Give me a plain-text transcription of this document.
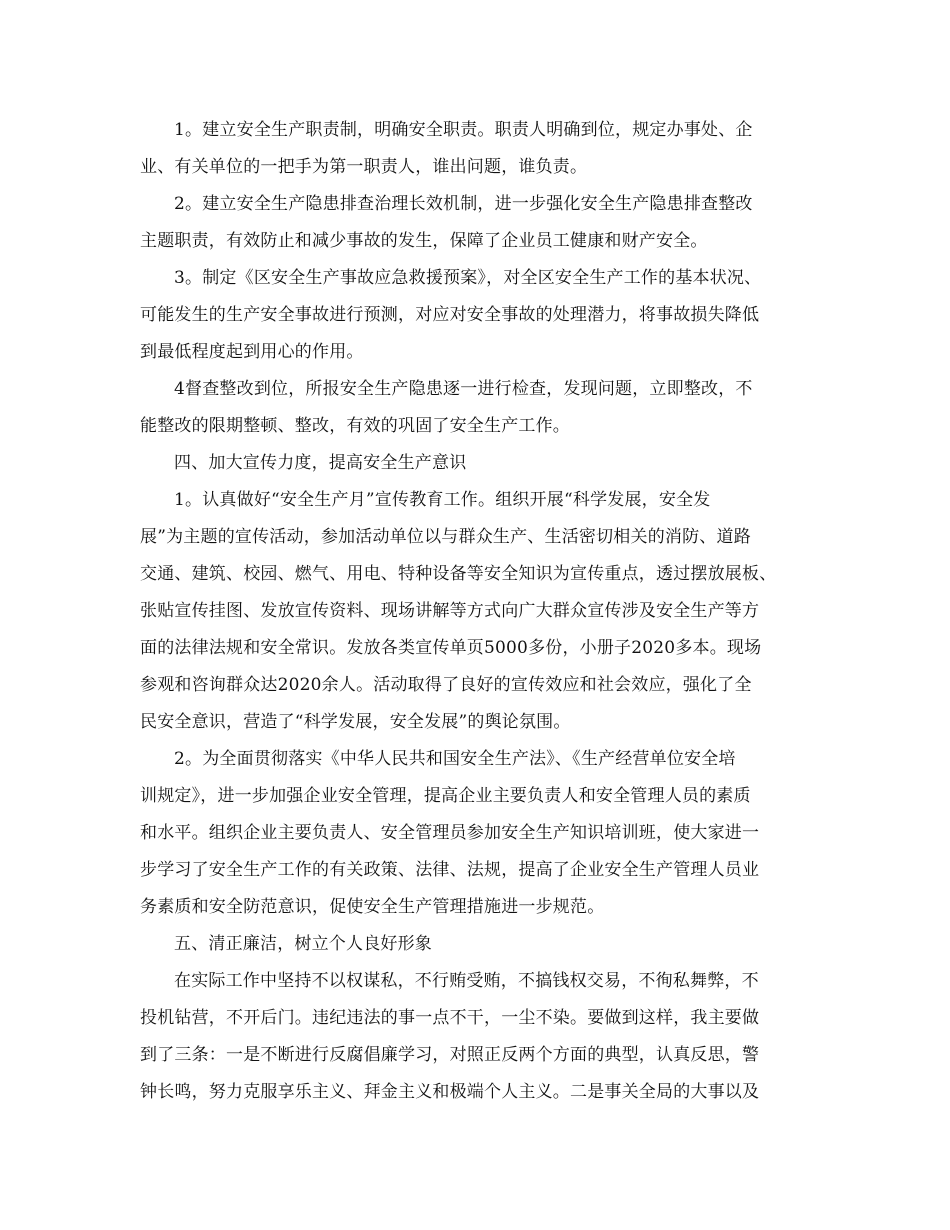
1。建立安全生产职责制，明确安全职责。职责人明确到位，规定办事处、企
业、有关单位的一把手为第一职责人，谁出问题，谁负责。
2。建立安全生产隐患排查治理长效机制，进一步强化安全生产隐患排查整改
主题职责，有效防止和减少事故的发生，保障了企业员工健康和财产安全。
3。制定《区安全生产事故应急救援预案》，对全区安全生产工作的基本状况、
可能发生的生产安全事故进行预测，对应对安全事故的处理潜力，将事故损失降低
到最低程度起到用心的作用。
4督查整改到位，所报安全生产隐患逐一进行检查，发现问题，立即整改，不
能整改的限期整顿、整改，有效的巩固了安全生产工作。
四、加大宣传力度，提高安全生产意识
1。认真做好“安全生产月”宣传教育工作。组织开展“科学发展，安全发
展”为主题的宣传活动，参加活动单位以与群众生产、生活密切相关的消防、道路
交通、建筑、校园、燃气、用电、特种设备等安全知识为宣传重点，透过摆放展板、
张贴宣传挂图、发放宣传资料、现场讲解等方式向广大群众宣传涉及安全生产等方
面的法律法规和安全常识。发放各类宣传单页5000多份，小册子2020多本。现场
参观和咨询群众达2020余人。活动取得了良好的宣传效应和社会效应，强化了全
民安全意识，营造了“科学发展，安全发展”的舆论氛围。
2。为全面贯彻落实《中华人民共和国安全生产法》、《生产经营单位安全培
训规定》，进一步加强企业安全管理，提高企业主要负责人和安全管理人员的素质
和水平。组织企业主要负责人、安全管理员参加安全生产知识培训班，使大家进一
步学习了安全生产工作的有关政策、法律、法规，提高了企业安全生产管理人员业
务素质和安全防范意识，促使安全生产管理措施进一步规范。
五、清正廉洁，树立个人良好形象
在实际工作中坚持不以权谋私，不行贿受贿，不搞钱权交易，不徇私舞弊，不
投机钻营，不开后门。违纪违法的事一点不干，一尘不染。要做到这样，我主要做
到了三条：一是不断进行反腐倡廉学习，对照正反两个方面的典型，认真反思，警
钟长鸣，努力克服享乐主义、拜金主义和极端个人主义。二是事关全局的大事以及
